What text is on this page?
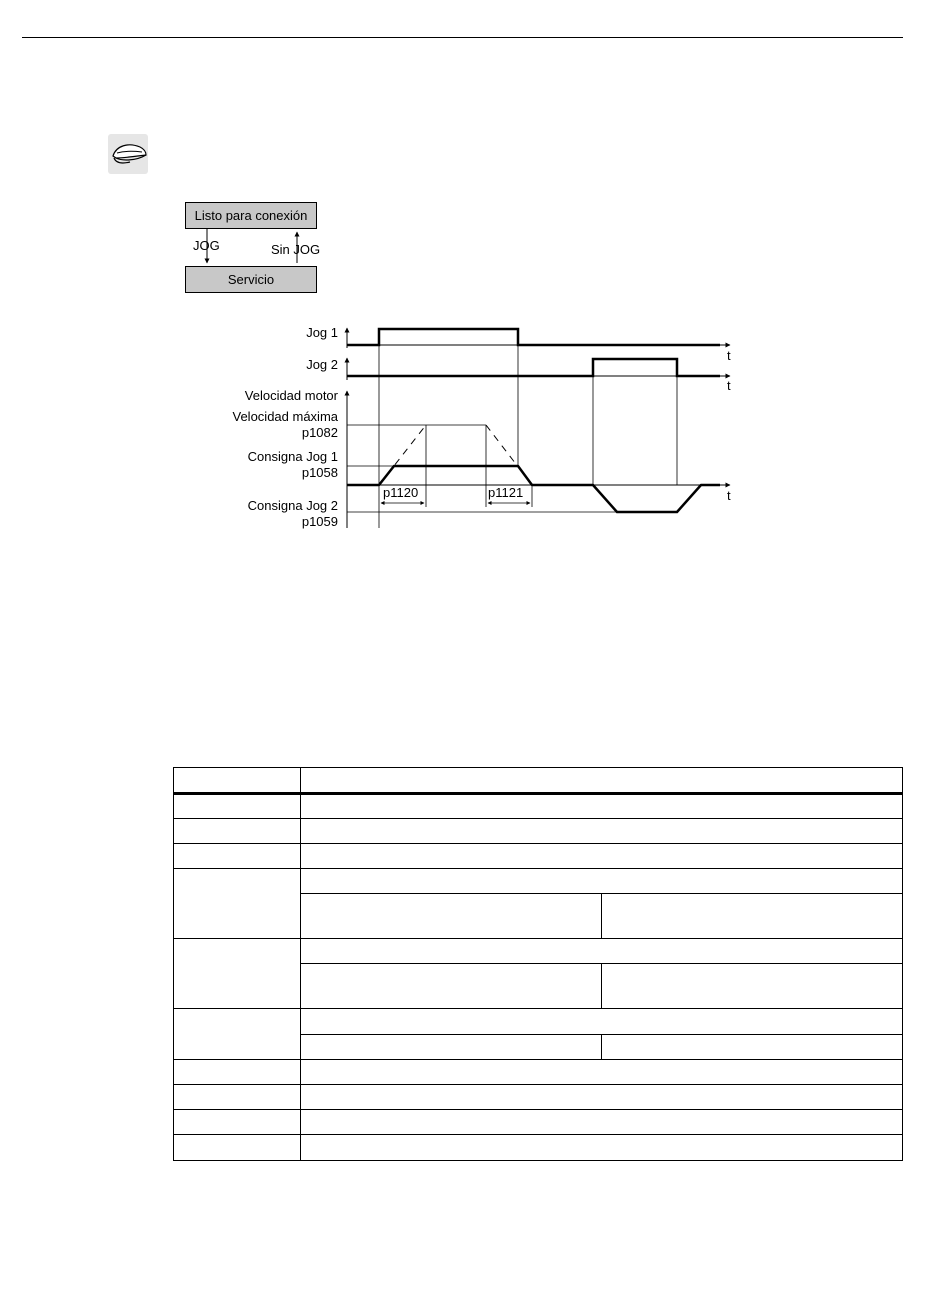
Listo para conexión
Servicio
JOG	Sin JOG
Jog 1
Jog 2
Velocidad motor
Velocidad máxima
p1082
Consigna Jog 1
p1058
Consigna Jog 2
p1059
t
t
t
p1120	p1121
